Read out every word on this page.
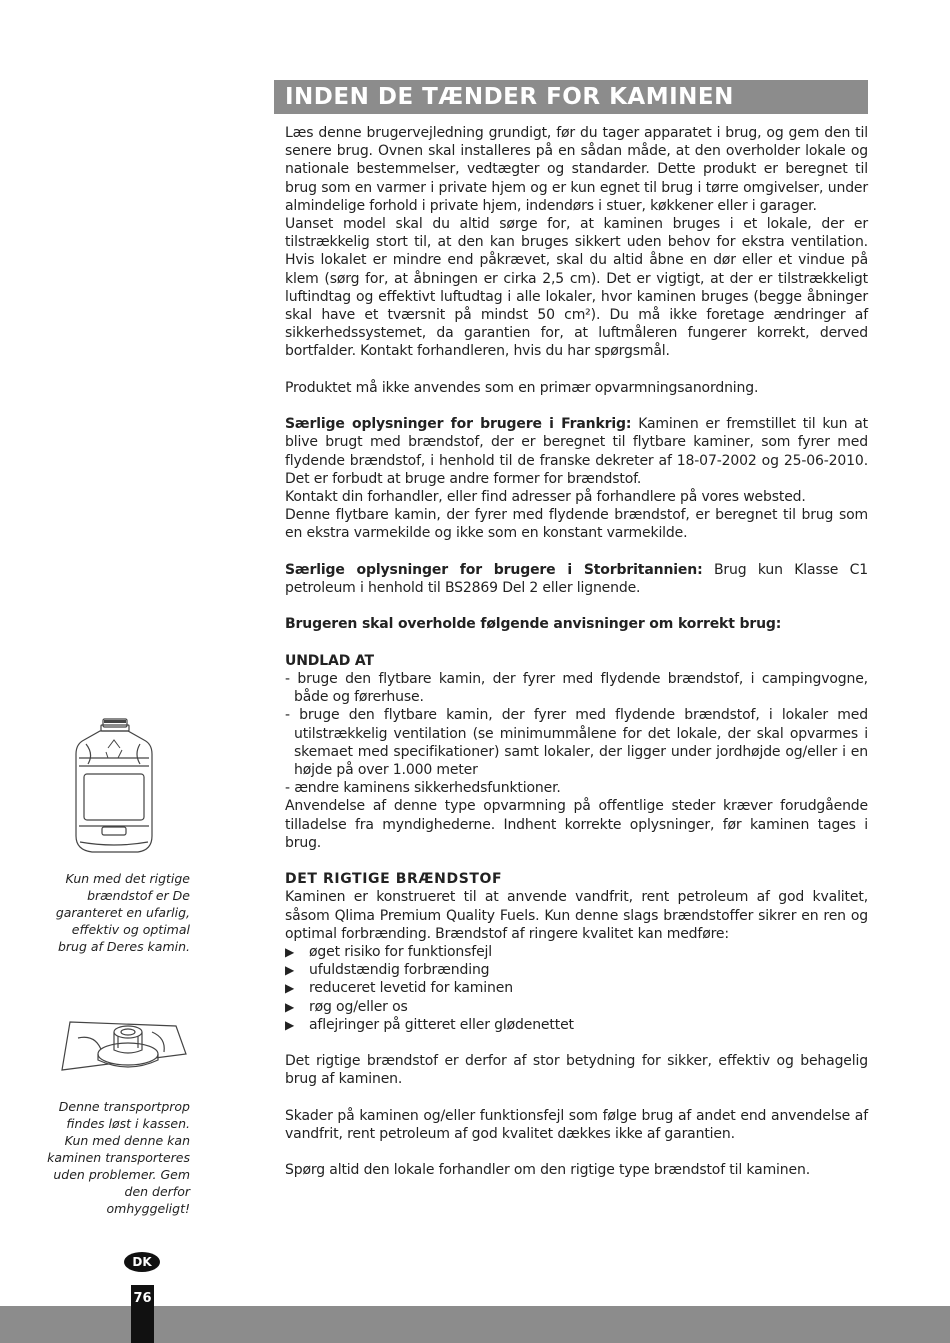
INDEN DE TÆNDER FOR KAMINEN

Læs denne brugervejledning grundigt, før du tager apparatet i brug, og gem den til senere brug. Ovnen skal installeres på en sådan måde, at den overholder lokale og nationale bestemmelser, vedtægter og standarder. Dette produkt er beregnet til brug som en varmer i private hjem og er kun egnet til brug i tørre omgivelser, under almindelige forhold i private hjem, indendørs i stuer, køkkener eller i garager.

Uanset model skal du altid sørge for, at kaminen bruges i et lokale, der er tilstrækkelig stort til, at den kan bruges sikkert uden behov for ekstra ventilation. Hvis lokalet er mindre end påkrævet, skal du altid åbne en dør eller et vindue på klem (sørg for, at åbningen er cirka 2,5 cm). Det er vigtigt, at der er tilstrækkeligt luftindtag og effektivt luftudtag i alle lokaler, hvor kaminen bruges (begge åbninger skal have et tværsnit på mindst 50 cm²). Du må ikke foretage ændringer af sikkerhedssystemet, da garantien for, at luftmåleren fungerer korrekt, derved bortfalder. Kontakt forhandleren, hvis du har spørgsmål.

Produktet må ikke anvendes som en primær opvarmningsanordning.

Særlige oplysninger for brugere i Frankrig: Kaminen er fremstillet til kun at blive brugt med brændstof, der er beregnet til flytbare kaminer, som fyrer med flydende brændstof, i henhold til de franske dekreter af 18-07-2002 og 25-06-2010. Det er forbudt at bruge andre former for brændstof.

Kontakt din forhandler, eller find adresser på forhandlere på vores websted.

Denne flytbare kamin, der fyrer med flydende brændstof, er beregnet til brug som en ekstra varmekilde og ikke som en konstant varmekilde.

Særlige oplysninger for brugere i Storbritannien: Brug kun Klasse C1 petroleum i henhold til BS2869 Del 2 eller lignende.

Brugeren skal overholde følgende anvisninger om korrekt brug:

UNDLAD AT

- bruge den flytbare kamin, der fyrer med flydende brændstof, i campingvogne, både og førerhuse.

- bruge den flytbare kamin, der fyrer med flydende brændstof, i lokaler med utilstrækkelig ventilation (se minimummålene for det lokale, der skal opvarmes i skemaet med specifikationer) samt lokaler, der ligger under jordhøjde og/eller i en højde på over 1.000 meter

- ændre kaminens sikkerhedsfunktioner.

Anvendelse af denne type opvarmning på offentlige steder kræver forudgående tilladelse fra myndighederne. Indhent korrekte oplysninger, før kaminen tages i brug.

DET RIGTIGE BRÆNDSTOF

Kaminen er konstrueret til at anvende vandfrit, rent petroleum af god kvalitet, såsom Qlima Premium Quality Fuels. Kun denne slags brændstoffer sikrer en ren og optimal forbrænding. Brændstof af ringere kvalitet kan medføre:

▶	øget risiko for funktionsfejl
▶	ufuldstændig forbrænding
▶	reduceret levetid for kaminen
▶	røg og/eller os
▶	aflejringer på gitteret eller glødenettet

Det rigtige brændstof er derfor af stor betydning for sikker, effektiv og behagelig brug af kaminen.

Skader på kaminen og/eller funktionsfejl som følge brug af andet end anvendelse af vandfrit, rent petroleum af god kvalitet dækkes ikke af garantien.

Spørg altid den lokale forhandler om den rigtige type brændstof til kaminen.

Kun med det rigtige brændstof er De garanteret en ufarlig, effektiv og optimal brug af Deres kamin.
Denne transportprop findes løst i kassen. Kun med denne kan kaminen transporteres uden problemer. Gem den derfor omhyggeligt!
DK
76
